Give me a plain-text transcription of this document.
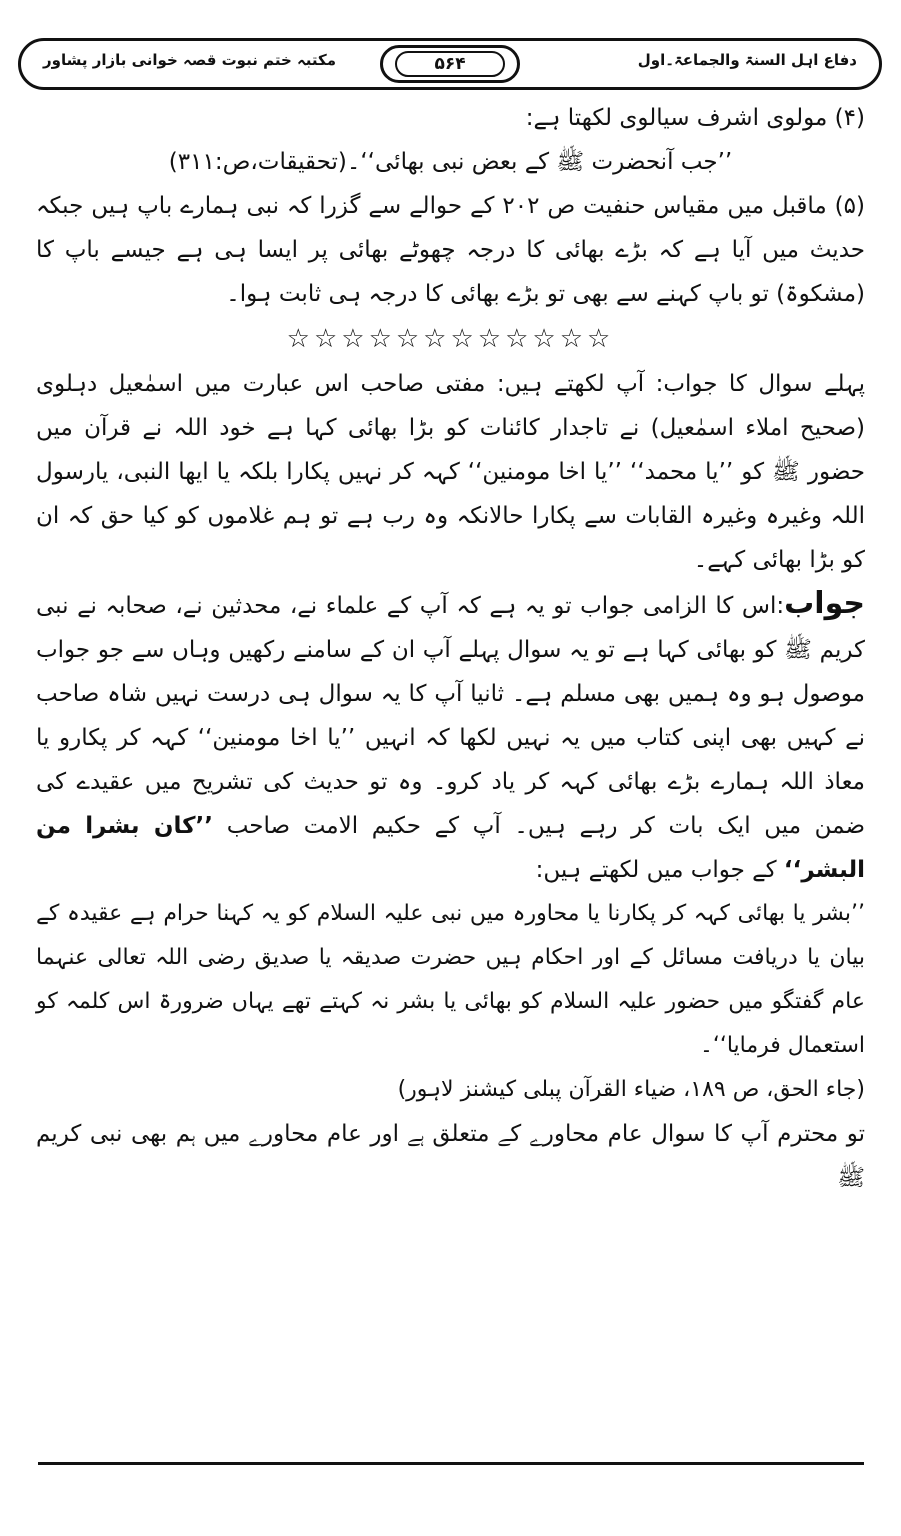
دفاع اہل السنۃ والجماعۃ۔اول
۵۶۴
مکتبہ ختم نبوت قصہ خوانی بازار پشاور

(۴) مولوی اشرف سیالوی لکھتا ہے:

’’جب آنحضرت ﷺ کے بعض نبی بھائی‘‘۔(تحقیقات،ص:۳۱۱)

(۵) ماقبل میں مقیاس حنفیت ص ۲۰۲ کے حوالے سے گزرا کہ نبی ہمارے باپ ہیں جبکہ حدیث میں آیا ہے کہ بڑے بھائی کا درجہ چھوٹے بھائی پر ایسا ہی ہے جیسے باپ کا (مشکوۃ) تو باپ کہنے سے بھی تو بڑے بھائی کا درجہ ہی ثابت ہوا۔

☆☆☆☆☆☆☆☆☆☆☆☆

پہلے سوال کا جواب: آپ لکھتے ہیں: مفتی صاحب اس عبارت میں اسمٰعیل دہلوی (صحیح املاء اسمٰعیل) نے تاجدار کائنات کو بڑا بھائی کہا ہے خود اللہ نے قرآن میں حضور ﷺ کو ’’یا محمد‘‘ ’’یا اخا مومنین‘‘ کہہ کر نہیں پکارا بلکہ یا ایھا النبی، یارسول اللہ وغیرہ وغیرہ القابات سے پکارا حالانکہ وہ رب ہے تو ہم غلاموں کو کیا حق کہ ان کو بڑا بھائی کہے۔

جواب:اس کا الزامی جواب تو یہ ہے کہ آپ کے علماء نے، محدثین نے، صحابہ نے نبی کریم ﷺ کو بھائی کہا ہے تو یہ سوال پہلے آپ ان کے سامنے رکھیں وہاں سے جو جواب موصول ہو وہ ہمیں بھی مسلم ہے۔ ثانیا آپ کا یہ سوال ہی درست نہیں شاہ صاحب نے کہیں بھی اپنی کتاب میں یہ نہیں لکھا کہ انہیں ’’یا اخا مومنین‘‘ کہہ کر پکارو یا معاذ اللہ ہمارے بڑے بھائی کہہ کر یاد کرو۔ وہ تو حدیث کی تشریح میں عقیدے کی ضمن میں ایک بات کر رہے ہیں۔ آپ کے حکیم الامت صاحب ’’کان بشرا من البشر‘‘ کے جواب میں لکھتے ہیں:

’’بشر یا بھائی کہہ کر پکارنا یا محاورہ میں نبی علیہ السلام کو یہ کہنا حرام ہے عقیدہ کے بیان یا دریافت مسائل کے اور احکام ہیں حضرت صدیقہ یا صدیق رضی اللہ تعالی عنہما عام گفتگو میں حضور علیہ السلام کو بھائی یا بشر نہ کہتے تھے یہاں ضرورۃ اس کلمہ کو استعمال فرمایا‘‘۔

(جاء الحق، ص ۱۸۹، ضیاء القرآن پبلی کیشنز لاہور)

تو محترم آپ کا سوال عام محاورے کے متعلق ہے اور عام محاورے میں ہم بھی نبی کریم ﷺ
